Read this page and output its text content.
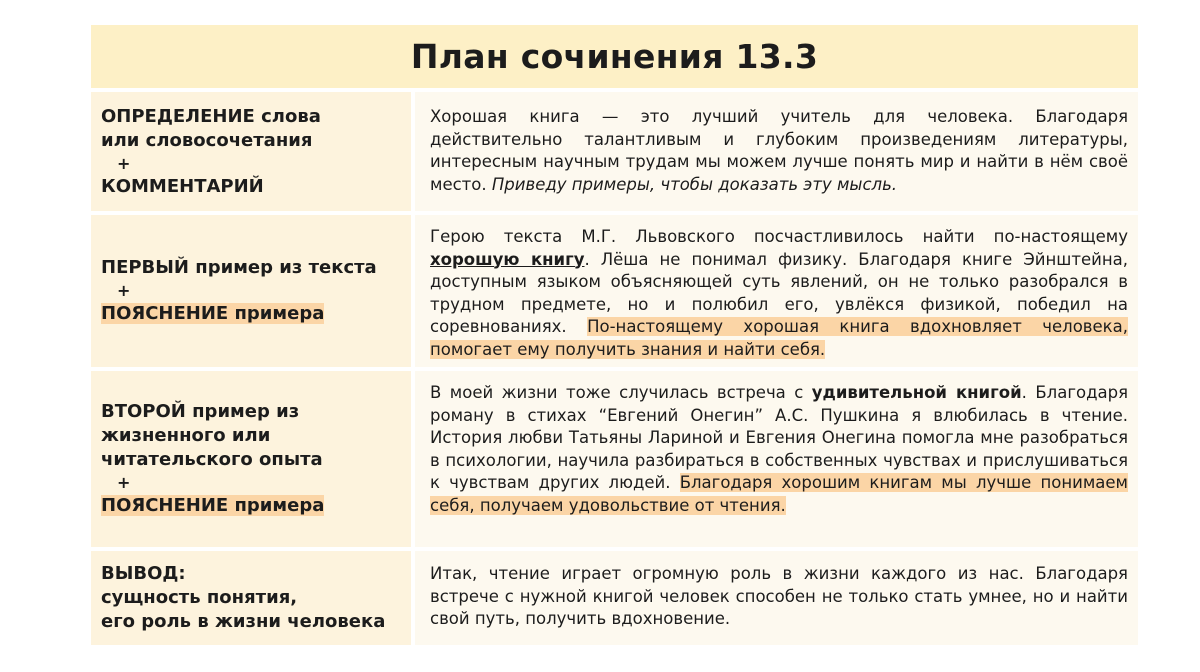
План сочинения 13.3
ОПРЕДЕЛЕНИЕ слова
или словосочетания
+
КОММЕНТАРИЙ
Хорошая книга — это лучший учитель для человека. Благодаря действительно талантливым и глубоким произведениям литературы, интересным научным трудам мы можем лучше понять мир и найти в нём своё место. Приведу примеры, чтобы доказать эту мысль.
ПЕРВЫЙ пример из текста
+
ПОЯСНЕНИЕ примера
Герою текста М.Г. Львовского посчастливилось найти по-настоящему хорошую книгу. Лёша не понимал физику. Благодаря книге Эйнштейна, доступным языком объясняющей суть явлений, он не только разобрался в трудном предмете, но и полюбил его, увлёкся физикой, победил на соревнованиях. По-настоящему хорошая книга вдохновляет человека, помогает ему получить знания и найти себя.
ВТОРОЙ пример из
жизненного или
читательского опыта
+
ПОЯСНЕНИЕ примера
В моей жизни тоже случилась встреча с удивительной книгой. Благодаря роману в стихах “Евгений Онегин” А.С. Пушкина я влюбилась в чтение. История любви Татьяны Лариной и Евгения Онегина помогла мне разобраться в психологии, научила разбираться в собственных чувствах и прислушиваться к чувствам других людей. Благодаря хорошим книгам мы лучше понимаем себя, получаем удовольствие от чтения.
ВЫВОД:
сущность понятия,
его роль в жизни человека
Итак, чтение играет огромную роль в жизни каждого из нас. Благодаря встрече с нужной книгой человек способен не только стать умнее, но и найти свой путь, получить вдохновение.
